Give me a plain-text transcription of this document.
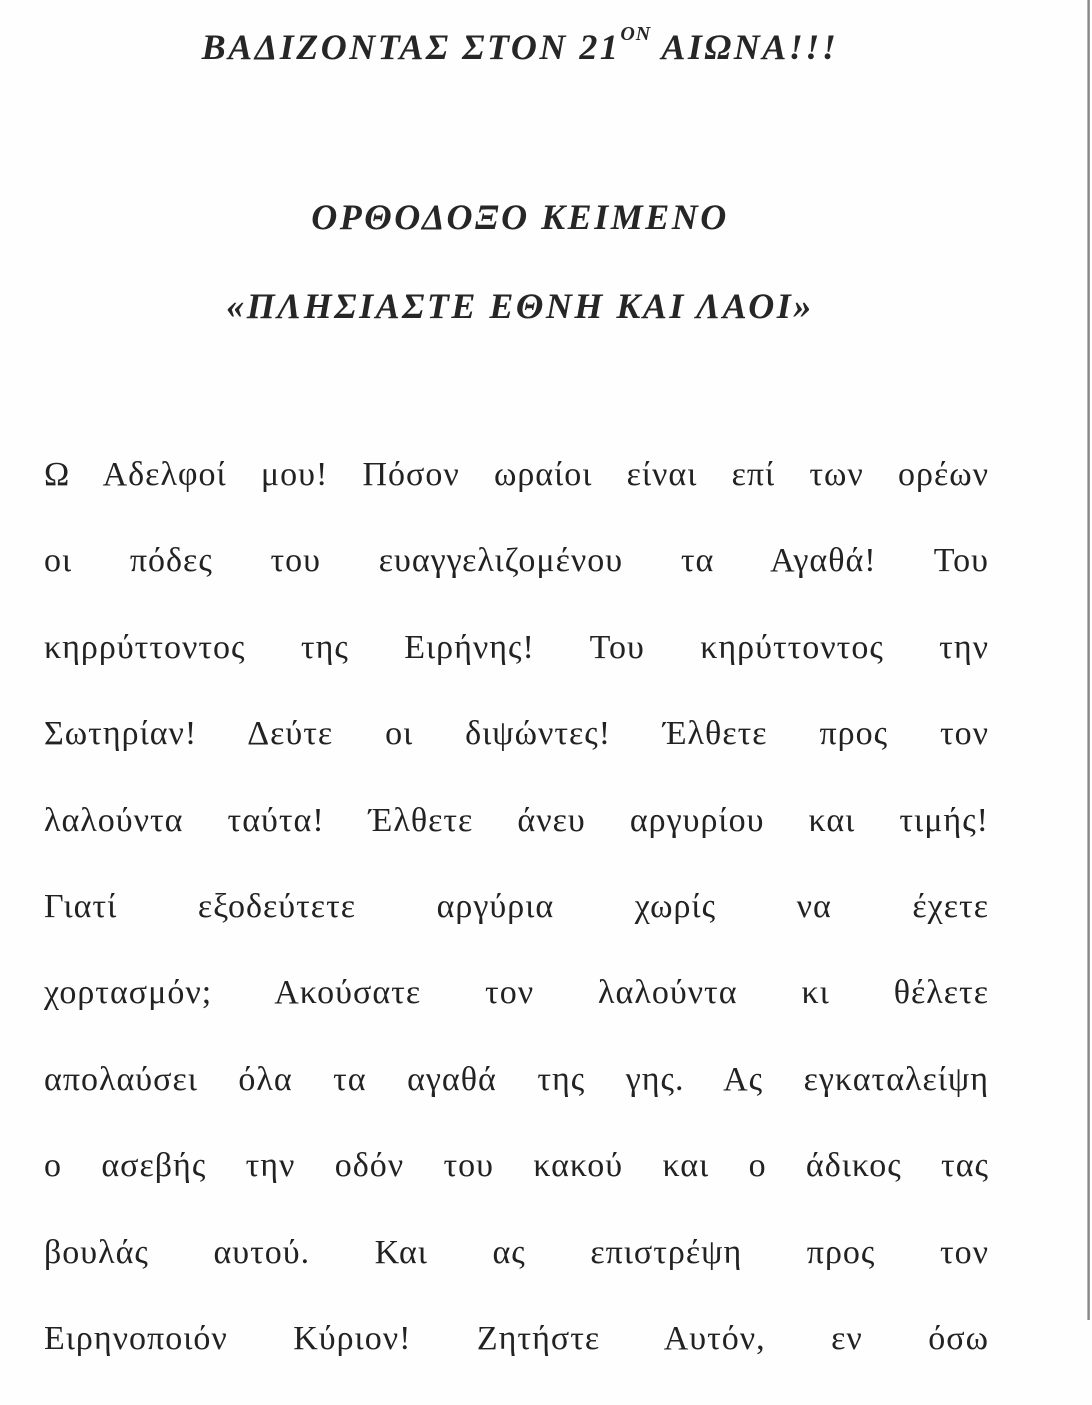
ΒΑΔΙΖΟΝΤΑΣ ΣΤΟΝ $21^{ON}$ ΑΙΩΝΑ!!!
ΟΡΘΟΔΟΞΟ ΚΕΙΜΕΝΟ
«ΠΛΗΣΙΑΣΤΕ ΕΘΝΗ ΚΑΙ ΛΑΟΙ»
Ω Αδελφοί μου! Πόσον ωραίοι είναι επί των ορέων
οι πόδες του ευαγγελιζομένου τα Αγαθά! Του
κηρρύττοντος της Ειρήνης! Του κηρύττοντος την
Σωτηρίαν! Δεύτε οι διψώντες! Έλθετε προς τον
λαλούντα ταύτα! Έλθετε άνευ αργυρίου και τιμής!
Γιατί εξοδεύτετε αργύρια χωρίς να έχετε
χορτασμόν; Ακούσατε τον λαλούντα κι θέλετε
απολαύσει όλα τα αγαθά της γης. Ας εγκαταλείψη
ο ασεβής την οδόν του κακού και ο άδικος τας
βουλάς αυτού. Και ας επιστρέψη προς τον
Ειρηνοποιόν Κύριον! Ζητήστε Αυτόν, εν όσω
